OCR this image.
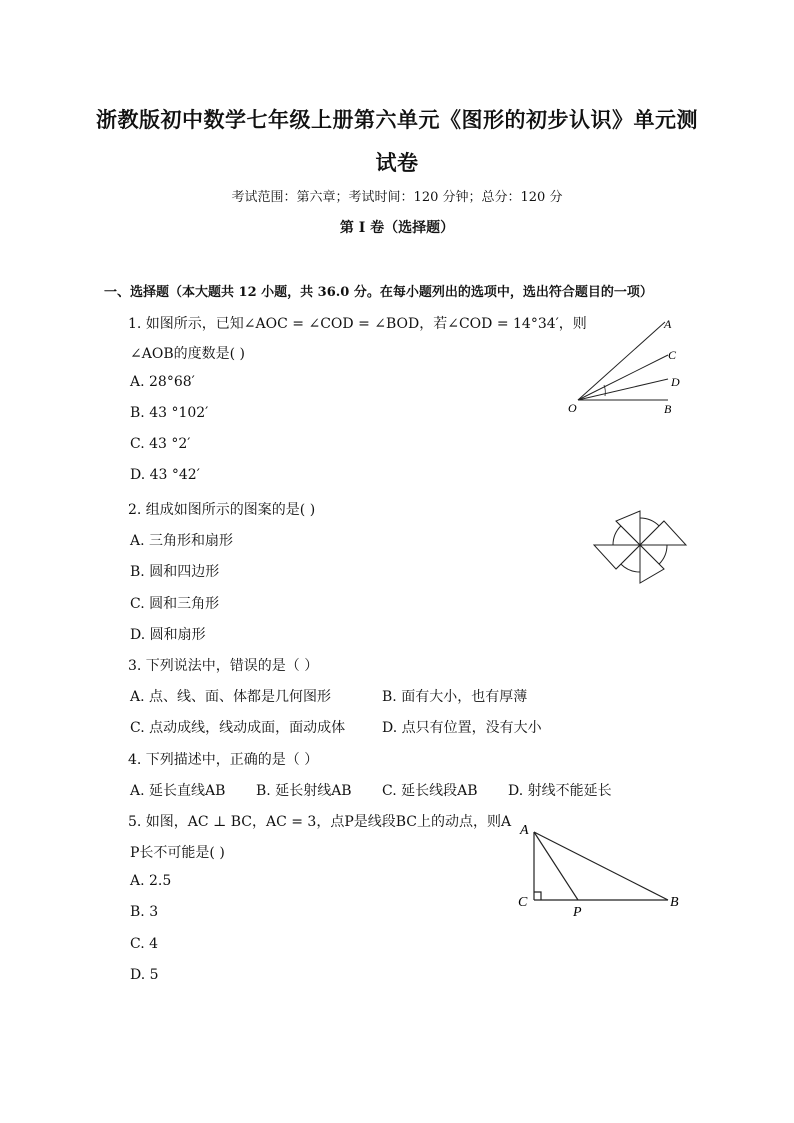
浙教版初中数学七年级上册第六单元《图形的初步认识》单元测
试卷
考试范围：第六章；考试时间：120 分钟；总分：120 分
第 I 卷（选择题）
一、选择题（本大题共 12 小题，共 36.0 分。在每小题列出的选项中，选出符合题目的一项）
1. 如图所示，已知∠AOC = ∠COD = ∠BOD，若∠COD = 14°34′，则
∠AOB的度数是( )
A. 28°68′
B. 43 °102′
C. 43 °2′
D. 43 °42′
A
C
D
O	B
2. 组成如图所示的图案的是( )
A. 三角形和扇形
B. 圆和四边形
C. 圆和三角形
D. 圆和扇形
3. 下列说法中，错误的是（ ）
A. 点、线、面、体都是几何图形	B. 面有大小，也有厚薄
C. 点动成线，线动成面，面动成体	D. 点只有位置，没有大小
4. 下列描述中，正确的是（ ）
A. 延长直线AB B. 延长射线AB C. 延长线段AB D. 射线不能延长
5. 如图，AC ⊥ BC，AC = 3，点P是线段BC上的动点，则A
P长不可能是( )
A. 2.5
B. 3
C. 4
D. 5
A
C
P
B
